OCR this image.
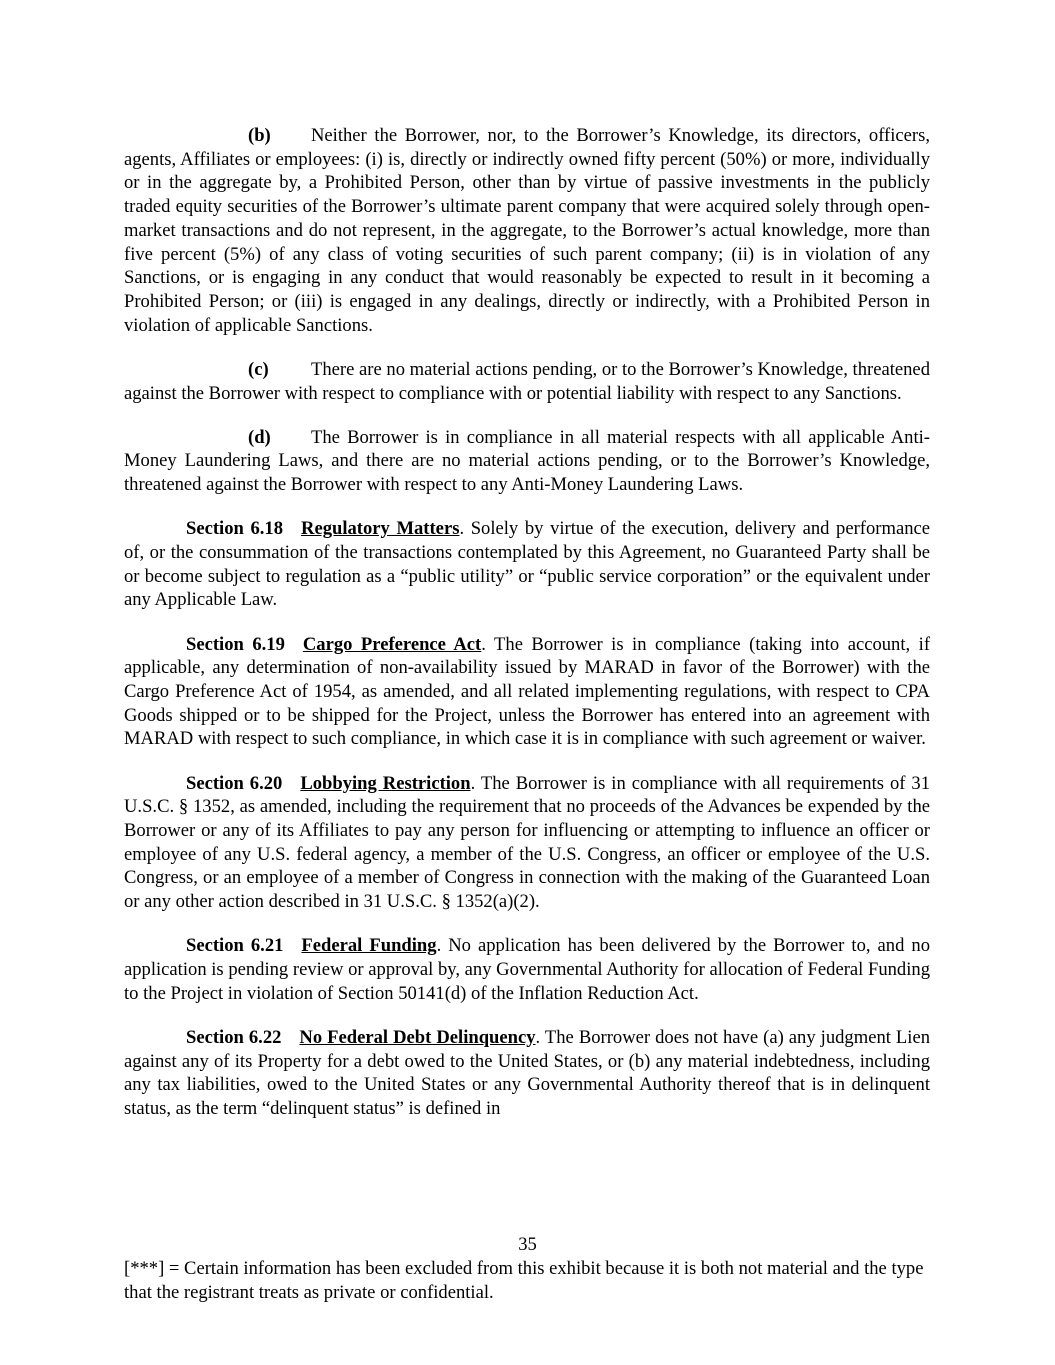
(b) Neither the Borrower, nor, to the Borrower’s Knowledge, its directors, officers, agents, Affiliates or employees: (i) is, directly or indirectly owned fifty percent (50%) or more, individually or in the aggregate by, a Prohibited Person, other than by virtue of passive investments in the publicly traded equity securities of the Borrower’s ultimate parent company that were acquired solely through open-market transactions and do not represent, in the aggregate, to the Borrower’s actual knowledge, more than five percent (5%) of any class of voting securities of such parent company; (ii) is in violation of any Sanctions, or is engaging in any conduct that would reasonably be expected to result in it becoming a Prohibited Person; or (iii) is engaged in any dealings, directly or indirectly, with a Prohibited Person in violation of applicable Sanctions.

(c) There are no material actions pending, or to the Borrower’s Knowledge, threatened against the Borrower with respect to compliance with or potential liability with respect to any Sanctions.

(d) The Borrower is in compliance in all material respects with all applicable Anti-Money Laundering Laws, and there are no material actions pending, or to the Borrower’s Knowledge, threatened against the Borrower with respect to any Anti-Money Laundering Laws.

Section 6.18 Regulatory Matters. Solely by virtue of the execution, delivery and performance of, or the consummation of the transactions contemplated by this Agreement, no Guaranteed Party shall be or become subject to regulation as a “public utility” or “public service corporation” or the equivalent under any Applicable Law.

Section 6.19 Cargo Preference Act. The Borrower is in compliance (taking into account, if applicable, any determination of non-availability issued by MARAD in favor of the Borrower) with the Cargo Preference Act of 1954, as amended, and all related implementing regulations, with respect to CPA Goods shipped or to be shipped for the Project, unless the Borrower has entered into an agreement with MARAD with respect to such compliance, in which case it is in compliance with such agreement or waiver.

Section 6.20 Lobbying Restriction. The Borrower is in compliance with all requirements of 31 U.S.C. § 1352, as amended, including the requirement that no proceeds of the Advances be expended by the Borrower or any of its Affiliates to pay any person for influencing or attempting to influence an officer or employee of any U.S. federal agency, a member of the U.S. Congress, an officer or employee of the U.S. Congress, or an employee of a member of Congress in connection with the making of the Guaranteed Loan or any other action described in 31 U.S.C. § 1352(a)(2).

Section 6.21 Federal Funding. No application has been delivered by the Borrower to, and no application is pending review or approval by, any Governmental Authority for allocation of Federal Funding to the Project in violation of Section 50141(d) of the Inflation Reduction Act.

Section 6.22 No Federal Debt Delinquency. The Borrower does not have (a) any judgment Lien against any of its Property for a debt owed to the United States, or (b) any material indebtedness, including any tax liabilities, owed to the United States or any Governmental Authority thereof that is in delinquent status, as the term “delinquent status” is defined in

35
[***] = Certain information has been excluded from this exhibit because it is both not material and the type that the registrant treats as private or confidential.
